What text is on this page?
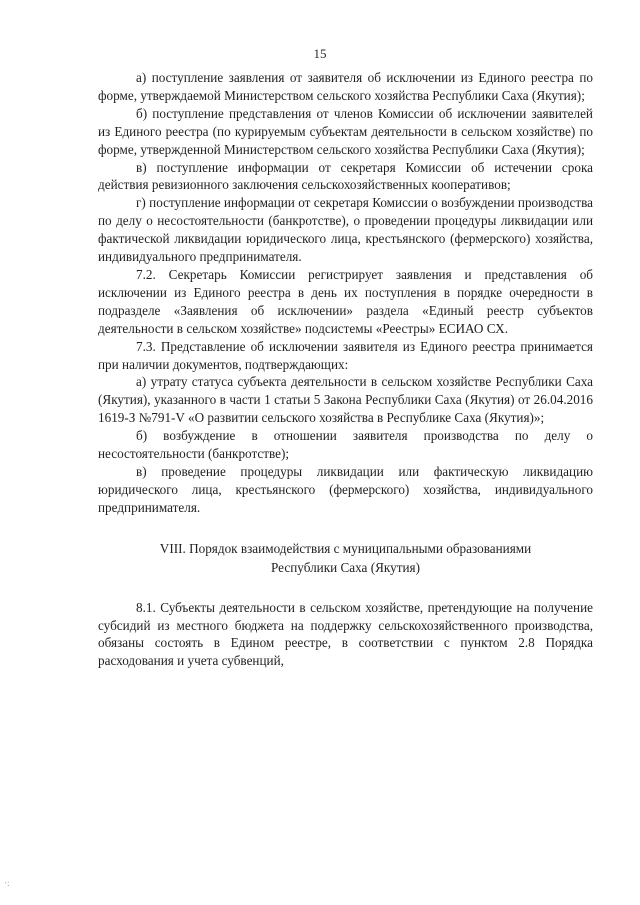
15

а) поступление заявления от заявителя об исключении из Единого реестра по форме, утверждаемой Министерством сельского хозяйства Республики Саха (Якутия);

б) поступление представления от членов Комиссии об исключении заявителей из Единого реестра (по курируемым субъектам деятельности в сельском хозяйстве) по форме, утвержденной Министерством сельского хозяйства Республики Саха (Якутия);

в) поступление информации от секретаря Комиссии об истечении срока действия ревизионного заключения сельскохозяйственных кооперативов;

г) поступление информации от секретаря Комиссии о возбуждении производства по делу о несостоятельности (банкротстве), о проведении процедуры ликвидации или фактической ликвидации юридического лица, крестьянского (фермерского) хозяйства, индивидуального предпринимателя.

7.2. Секретарь Комиссии регистрирует заявления и представления об исключении из Единого реестра в день их поступления в порядке очередности в подразделе «Заявления об исключении» раздела «Единый реестр субъектов деятельности в сельском хозяйстве» подсистемы «Реестры» ЕСИАО СХ.

7.3. Представление об исключении заявителя из Единого реестра принимается при наличии документов, подтверждающих:

а) утрату статуса субъекта деятельности в сельском хозяйстве Республики Саха (Якутия), указанного в части 1 статьи 5 Закона Республики Саха (Якутия) от 26.04.2016 1619-З №791-V «О развитии сельского хозяйства в Республике Саха (Якутия)»;

б) возбуждение в отношении заявителя производства по делу о несостоятельности (банкротстве);

в) проведение процедуры ликвидации или фактическую ликвидацию юридического лица, крестьянского (фермерского) хозяйства, индивидуального предпринимателя.

VIII. Порядок взаимодействия с муниципальными образованиями
Республики Саха (Якутия)

8.1. Субъекты деятельности в сельском хозяйстве, претендующие на получение субсидий из местного бюджета на поддержку сельскохозяйственного производства, обязаны состоять в Едином реестре, в соответствии с пунктом 2.8 Порядка расходования и учета субвенций,

·:
